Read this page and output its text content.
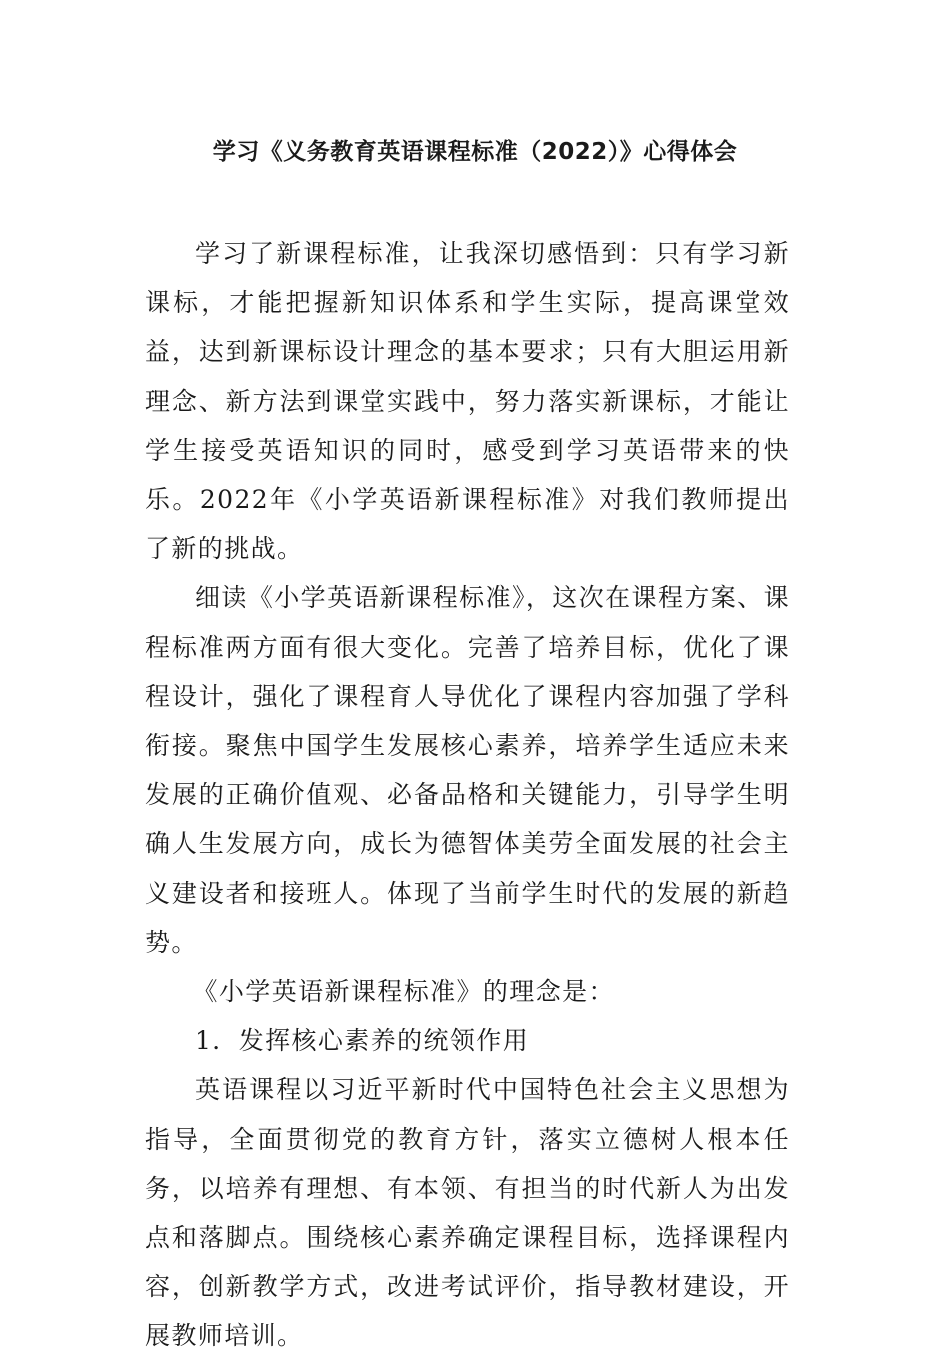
学习《义务教育英语课程标准（2022）》心得体会

学习了新课程标准，让我深切感悟到：只有学习新课标，才能把握新知识体系和学生实际，提高课堂效益，达到新课标设计理念的基本要求；只有大胆运用新理念、新方法到课堂实践中，努力落实新课标，才能让学生接受英语知识的同时，感受到学习英语带来的快乐。2022年《小学英语新课程标准》对我们教师提出了新的挑战。

细读《小学英语新课程标准》，这次在课程方案、课程标准两方面有很大变化。完善了培养目标，优化了课程设计，强化了课程育人导优化了课程内容加强了学科衔接。聚焦中国学生发展核心素养，培养学生适应未来发展的正确价值观、必备品格和关键能力，引导学生明确人生发展方向，成长为德智体美劳全面发展的社会主义建设者和接班人。体现了当前学生时代的发展的新趋势。

《小学英语新课程标准》的理念是：

1．发挥核心素养的统领作用

英语课程以习近平新时代中国特色社会主义思想为指导，全面贯彻党的教育方针，落实立德树人根本任务，以培养有理想、有本领、有担当的时代新人为出发点和落脚点。围绕核心素养确定课程目标，选择课程内容，创新教学方式，改进考试评价，指导教材建设，开展教师培训。
